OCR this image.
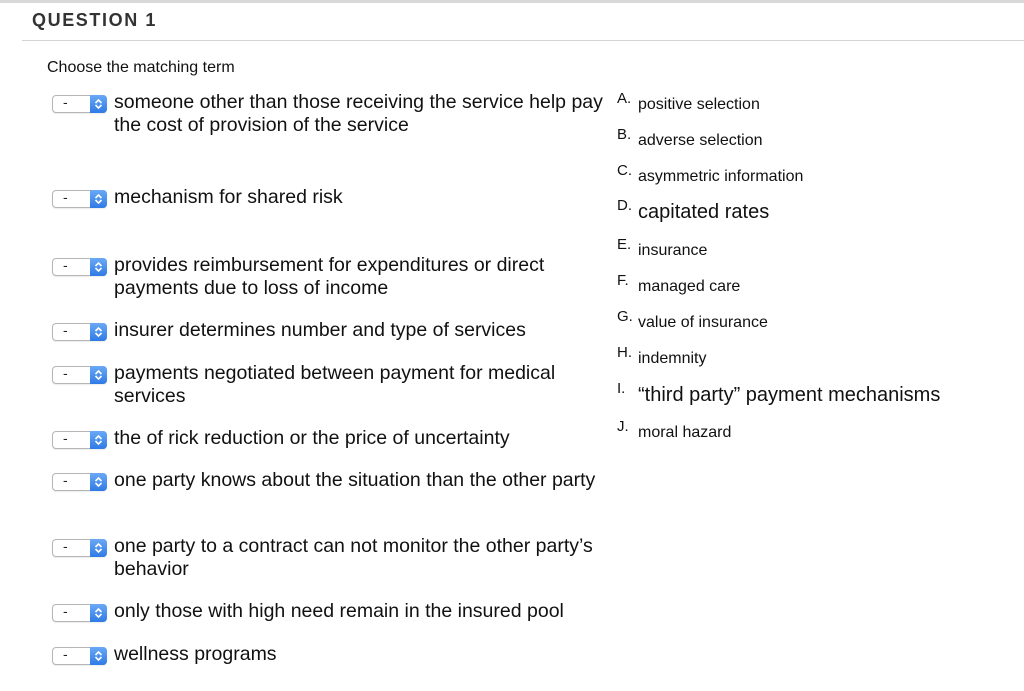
QUESTION 1
Choose the matching term
- someone other than those receiving the service help pay the cost of provision of the service
- mechanism for shared risk
- provides reimbursement for expenditures or direct payments due to loss of income
- insurer determines number and type of services
- payments negotiated between payment for medical services
- the of rick reduction or the price of uncertainty
- one party knows about the situation than the other party
- one party to a contract can not monitor the other party’s behavior
- only those with high need remain in the insured pool
- wellness programs
A. positive selection
B. adverse selection
C. asymmetric information
D. capitated rates
E. insurance
F. managed care
G. value of insurance
H. indemnity
I. “third party” payment mechanisms
J. moral hazard
